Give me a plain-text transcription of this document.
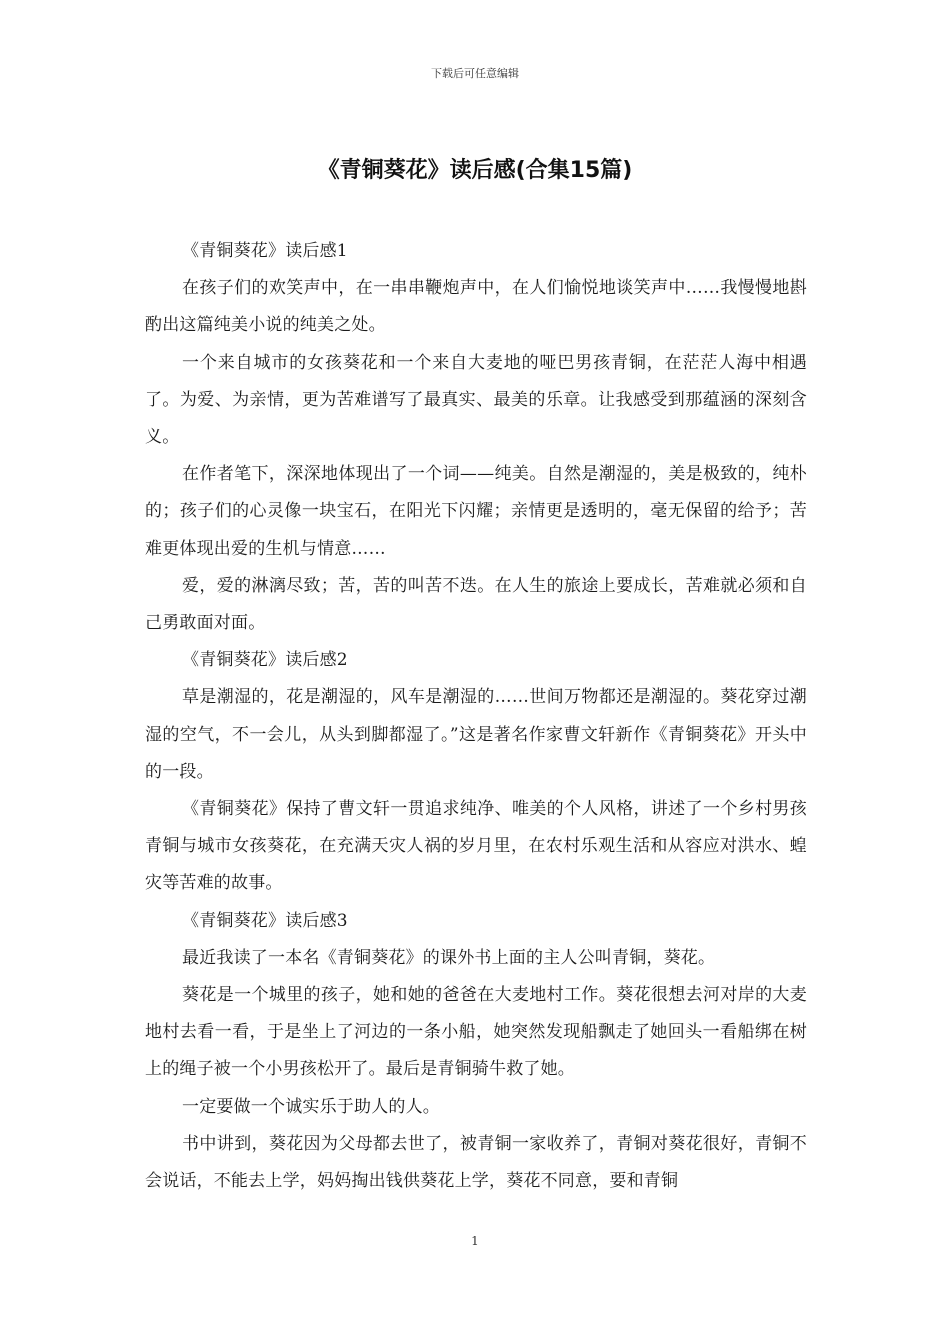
下载后可任意编辑
《青铜葵花》读后感(合集15篇)

《青铜葵花》读后感1

在孩子们的欢笑声中，在一串串鞭炮声中，在人们愉悦地谈笑声中……我慢慢地斟酌出这篇纯美小说的纯美之处。

一个来自城市的女孩葵花和一个来自大麦地的哑巴男孩青铜，在茫茫人海中相遇了。为爱、为亲情，更为苦难谱写了最真实、最美的乐章。让我感受到那蕴涵的深刻含义。

在作者笔下，深深地体现出了一个词——纯美。自然是潮湿的，美是极致的，纯朴的；孩子们的心灵像一块宝石，在阳光下闪耀；亲情更是透明的，毫无保留的给予；苦难更体现出爱的生机与情意……

爱，爱的淋漓尽致；苦，苦的叫苦不迭。在人生的旅途上要成长，苦难就必须和自己勇敢面对面。

《青铜葵花》读后感2

草是潮湿的，花是潮湿的，风车是潮湿的……世间万物都还是潮湿的。葵花穿过潮湿的空气，不一会儿，从头到脚都湿了。”这是著名作家曹文轩新作《青铜葵花》开头中的一段。

《青铜葵花》保持了曹文轩一贯追求纯净、唯美的个人风格，讲述了一个乡村男孩青铜与城市女孩葵花，在充满天灾人祸的岁月里，在农村乐观生活和从容应对洪水、蝗灾等苦难的故事。

《青铜葵花》读后感3

最近我读了一本名《青铜葵花》的课外书上面的主人公叫青铜，葵花。

葵花是一个城里的孩子，她和她的爸爸在大麦地村工作。葵花很想去河对岸的大麦地村去看一看，于是坐上了河边的一条小船，她突然发现船飘走了她回头一看船绑在树上的绳子被一个小男孩松开了。最后是青铜骑牛救了她。

一定要做一个诚实乐于助人的人。

书中讲到，葵花因为父母都去世了，被青铜一家收养了，青铜对葵花很好，青铜不会说话，不能去上学，妈妈掏出钱供葵花上学，葵花不同意，要和青铜

1
